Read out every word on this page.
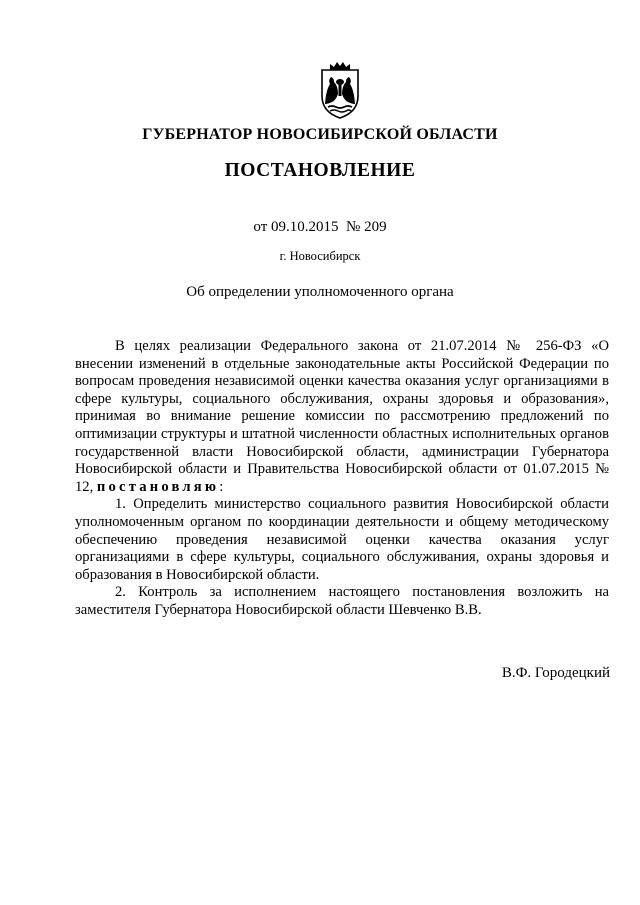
ГУБЕРНАТОР НОВОСИБИРСКОЙ ОБЛАСТИ
ПОСТАНОВЛЕНИЕ
от 09.10.2015 № 209
г. Новосибирск
Об определении уполномоченного органа

В целях реализации Федерального закона от 21.07.2014 № 256-ФЗ «О внесении изменений в отдельные законодательные акты Российской Федерации по вопросам проведения независимой оценки качества оказания услуг организациями в сфере культуры, социального обслуживания, охраны здоровья и образования», принимая во внимание решение комиссии по рассмотрению предложений по оптимизации структуры и штатной численности областных исполнительных органов государственной власти Новосибирской области, администрации Губернатора Новосибирской области и Правительства Новосибирской области от 01.07.2015 № 12, постановляю:

1. Определить министерство социального развития Новосибирской области уполномоченным органом по координации деятельности и общему методическому обеспечению проведения независимой оценки качества оказания услуг организациями в сфере культуры, социального обслуживания, охраны здоровья и образования в Новосибирской области.

2. Контроль за исполнением настоящего постановления возложить на заместителя Губернатора Новосибирской области Шевченко В.В.

В.Ф. Городецкий
